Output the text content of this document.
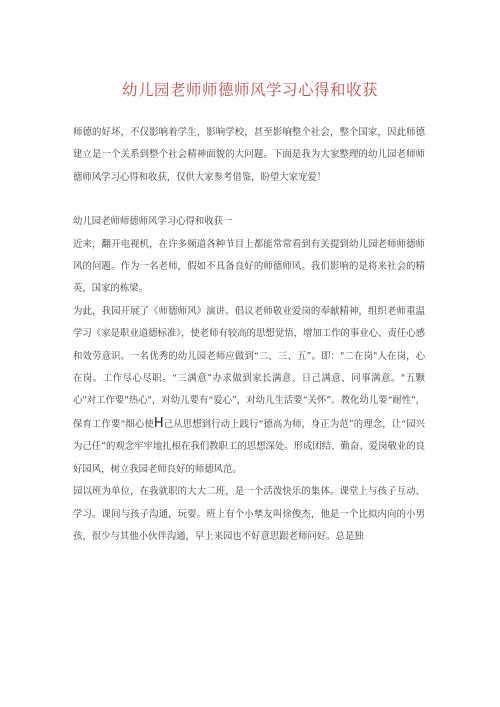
幼儿园老师师德师风学习心得和收获

师德的好坏，不仅影响着学生，影响学校，甚至影响整个社会，整个国家，因此师德建立是一个关系到整个社会精神面貌的大问题。下面是我为大家整理的幼儿园老师师德师风学习心得和收获，仅供大家参考借鉴，盼望大家宠爱！

幼儿园老师师德师风学习心得和收获一

近来，翻开电视机，在许多频道各种节目上都能常常看到有关提到幼儿园老师师德师风的问题。作为一名老师，假如不具备良好的师德师风。我们影响的是将来社会的精英，国家的栋梁。

为此，我园开展了《师德师风》演讲。倡议老师敬业爱岗的奉献精神，组织老师重温学习《家是职业道德标准》，使老师有较高的思想觉悟，增加工作的事业心、责任心感和效劳意识。一名优秀的幼儿园老师应做到“二、三、五”。即："二在岗"人在岗，心在岗。工作尽心尽职。“三满意”办求做到家长满意、日己满意、同事满意。"五颗心"对工作要"热心"，对幼儿要有“爱心”，对幼儿生活要“关怀”。教化幼儿要“耐性"，保育工作要“细心使H己从思想到行动上践行“德高为师，身正为范”的理念，让“园兴为己任”的观念牢牢地扎根在我们教职工的思想深处。形成团结、勤奋、爱岗敬业的良好园风，树立我园老师良好的师德风范。

园以班为单位，在我就职的大大二班，是一个活泼快乐的集体。课堂上与孩子互动、学习。课间与孩子沟通，玩耍。班上有个小孳友叫徐俊杰，他是一个比拟内向的小男孩，很少与其他小伙伴沟通，早上来园也不好意思跟老师问好。总是独
